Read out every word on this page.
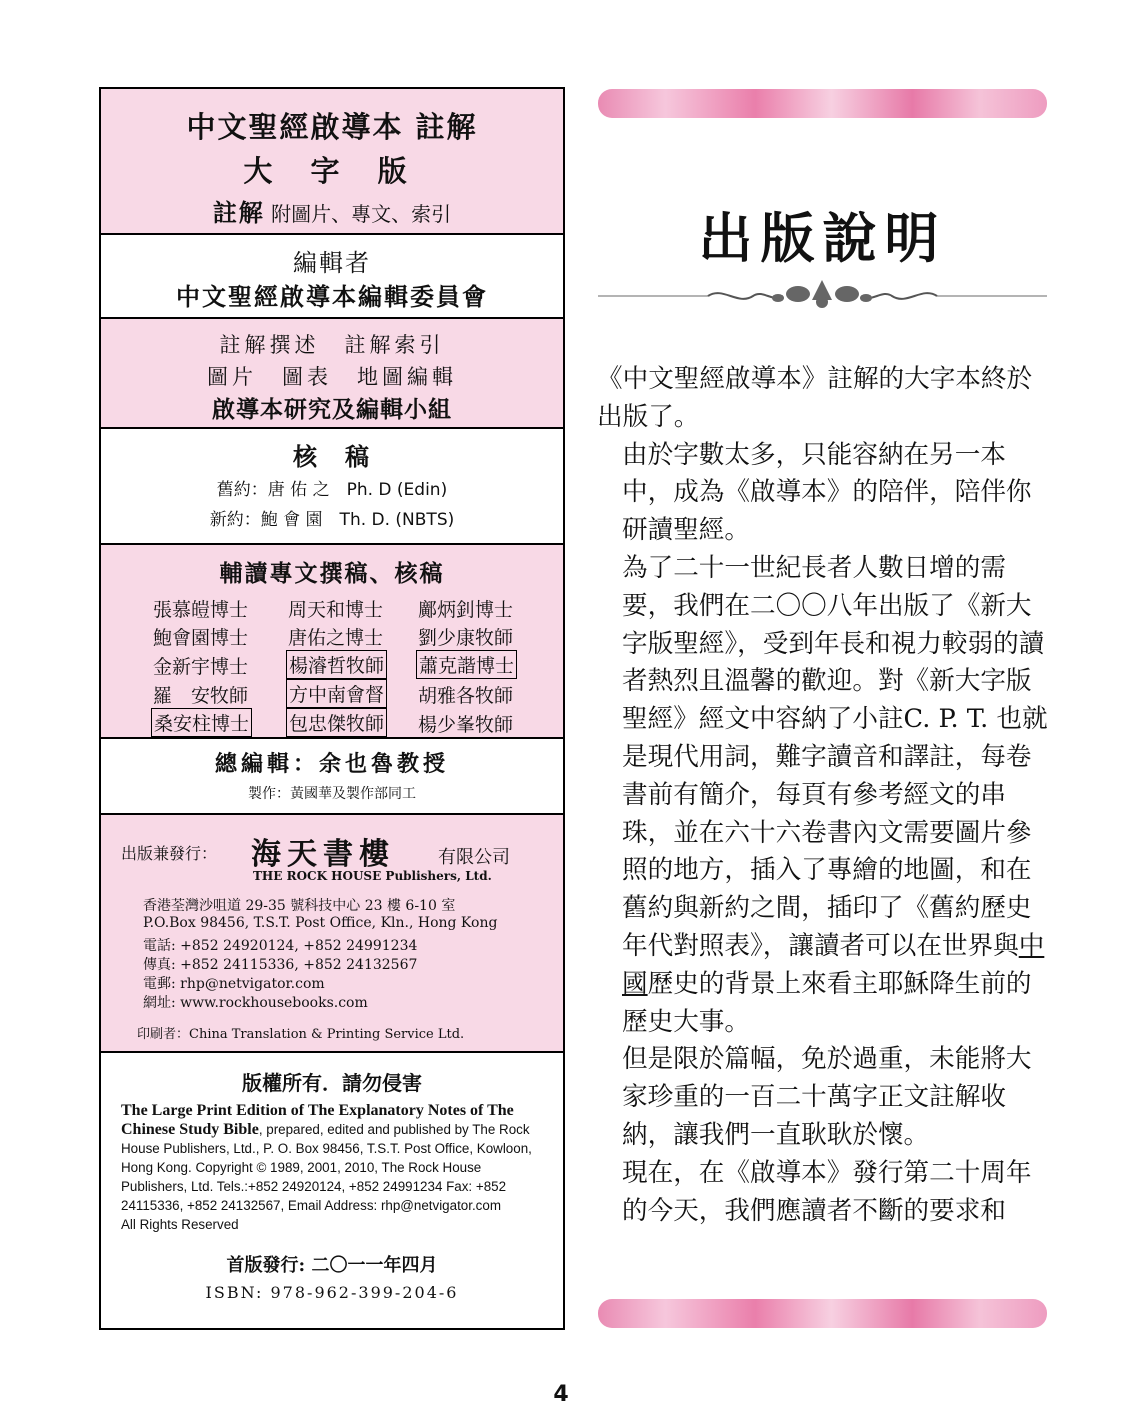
中文聖經啟導本 註解
大 字 版
註解 附圖片、專文、索引
編輯者
中文聖經啟導本編輯委員會
註解撰述　註解索引
圖片　圖表　地圖編輯
啟導本研究及編輯小組
核　稿
舊約：唐 佑 之　Ph. D (Edin)
新約：鮑 會 園　Th. D. (NBTS)
輔讀專文撰稿、核稿
張慕皚博士 周天和博士 鄺炳釗博士
鮑會園博士 唐佑之博士 劉少康牧師
金新宇博士 楊濬哲牧師 蕭克諧博士
羅　安牧師 方中南會督 胡雅各牧師
桑安柱博士 包忠傑牧師 楊少峯牧師
總編輯：余也魯教授
製作：黃國華及製作部同工
出版兼發行： 海天書樓 有限公司
THE ROCK HOUSE Publishers, Ltd.
香港荃灣沙咀道 29-35 號科技中心 23 樓 6-10 室
P.O.Box 98456, T.S.T. Post Office, Kln., Hong Kong
電話: +852 24920124, +852 24991234
傳真: +852 24115336, +852 24132567
電郵: rhp@netvigator.com
網址: www.rockhousebooks.com
印刷者：China Translation & Printing Service Ltd.
版權所有．請勿侵害
The Large Print Edition of The Explanatory Notes of The Chinese Study Bible, prepared, edited and published by The Rock House Publishers, Ltd., P. O. Box 98456, T.S.T. Post Office, Kowloon, Hong Kong. Copyright © 1989, 2001, 2010, The Rock House Publishers, Ltd. Tels.:+852 24920124, +852 24991234 Fax: +852 24115336, +852 24132567, Email Address: rhp@netvigator.com
All Rights Reserved
首版發行: 二〇一一年四月
ISBN: 978-962-399-204-6
出版說明

《中文聖經啟導本》註解的大字本終於出版了。

由於字數太多，只能容納在另一本中，成為《啟導本》的陪伴，陪伴你研讀聖經。

為了二十一世紀長者人數日增的需要，我們在二〇〇八年出版了《新大字版聖經》，受到年長和視力較弱的讀者熱烈且溫馨的歡迎。對《新大字版聖經》經文中容納了小註C. P. T. 也就是現代用詞，難字讀音和譯註，每卷書前有簡介，每頁有參考經文的串珠，並在六十六卷書內文需要圖片參照的地方，插入了專繪的地圖，和在舊約與新約之間，插印了《舊約歷史年代對照表》，讓讀者可以在世界與中國歷史的背景上來看主耶穌降生前的歷史大事。

但是限於篇幅，免於過重，未能將大家珍重的一百二十萬字正文註解收納，讓我們一直耿耿於懷。

現在，在《啟導本》發行第二十周年的今天，我們應讀者不斷的要求和

4
